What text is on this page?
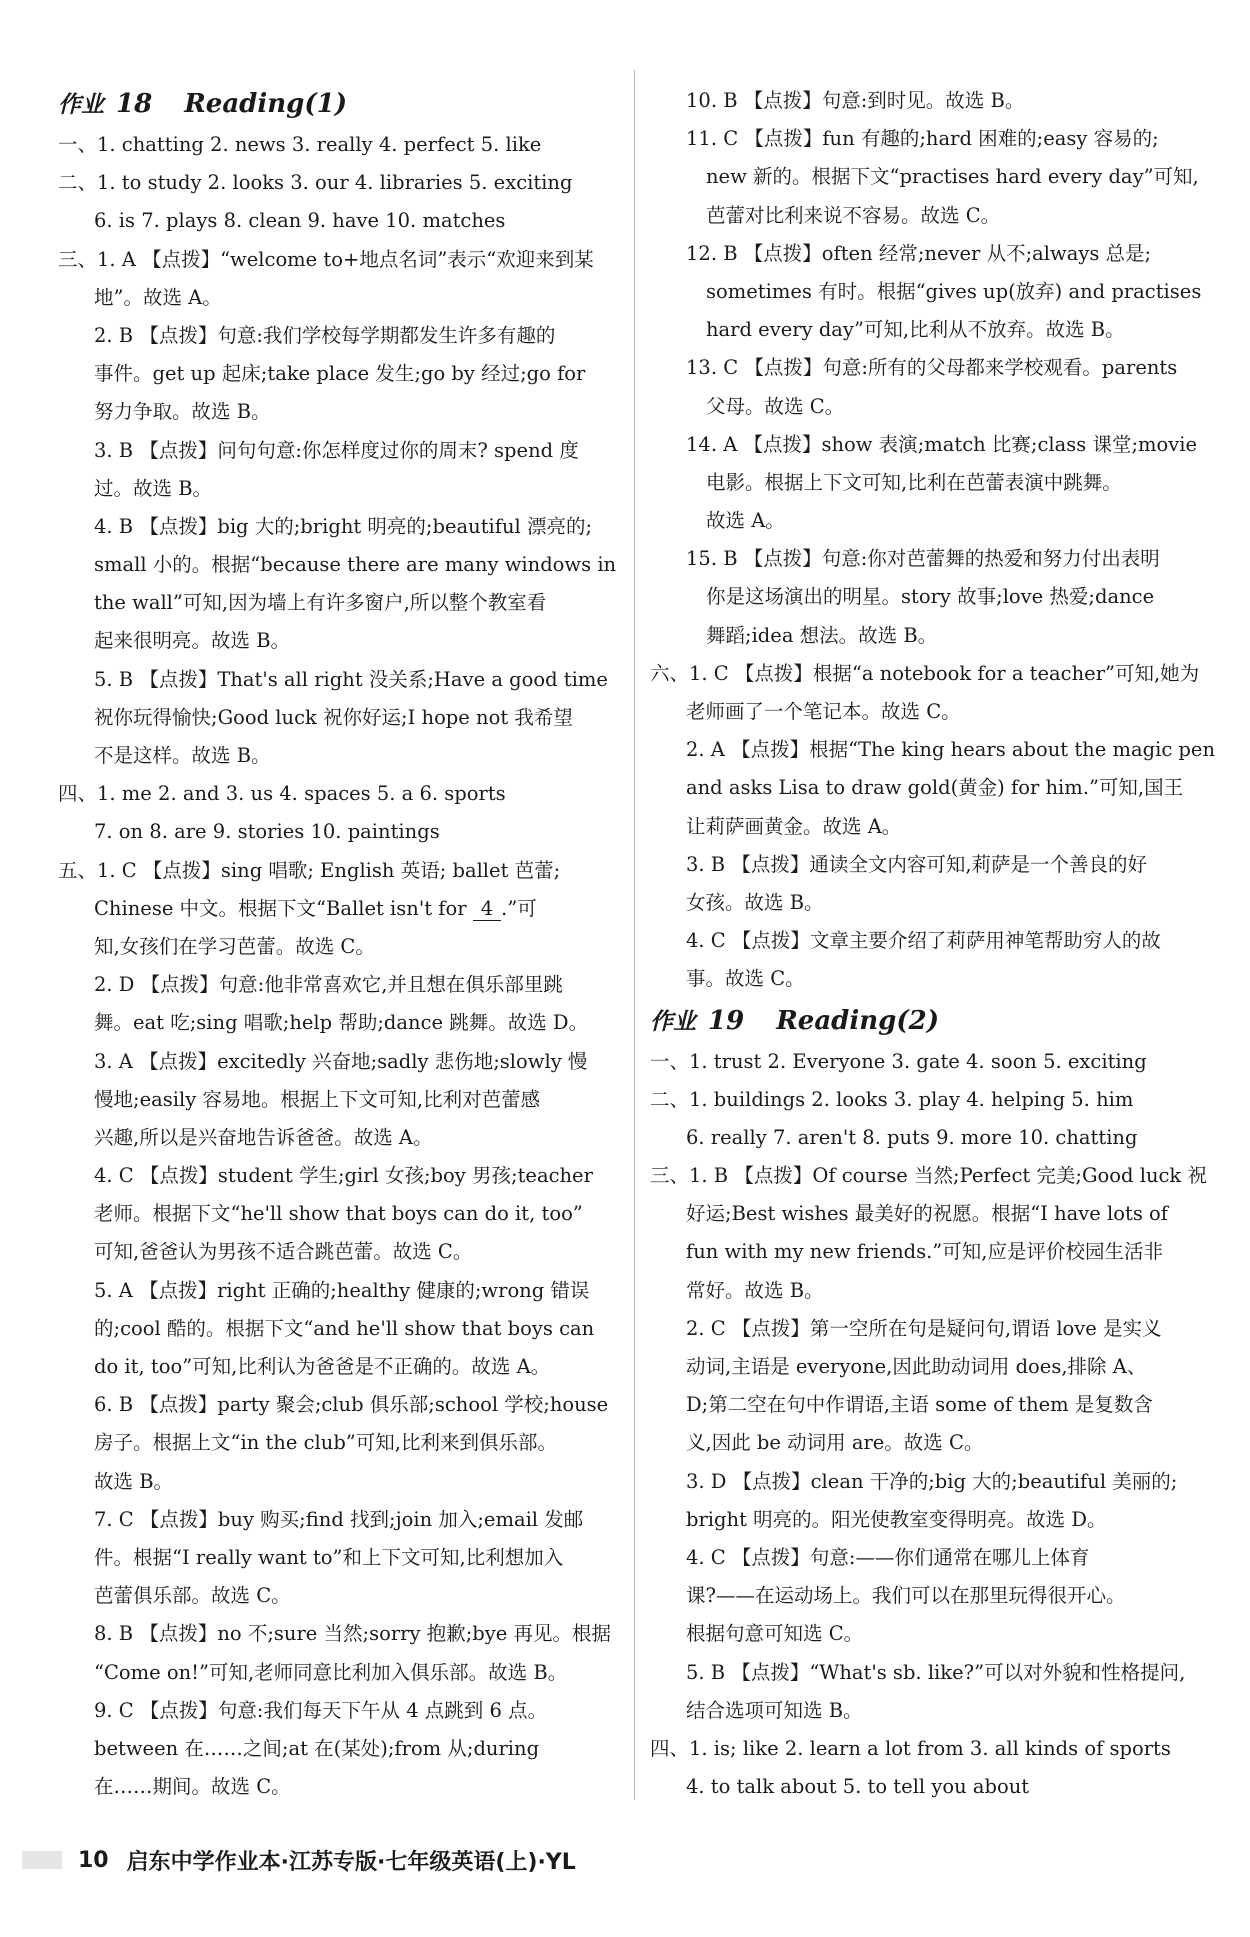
作业 18 Reading(1)
一、1. chatting 2. news 3. really 4. perfect 5. like
二、1. to study 2. looks 3. our 4. libraries 5. exciting
6. is 7. plays 8. clean 9. have 10. matches
三、1. A 【点拨】“welcome to+地点名词”表示“欢迎来到某
地”。故选 A。
2. B 【点拨】句意:我们学校每学期都发生许多有趣的
事件。get up 起床;take place 发生;go by 经过;go for
努力争取。故选 B。
3. B 【点拨】问句句意:你怎样度过你的周末? spend 度
过。故选 B。
4. B 【点拨】big 大的;bright 明亮的;beautiful 漂亮的;
small 小的。根据“because there are many windows in
the wall”可知,因为墙上有许多窗户,所以整个教室看
起来很明亮。故选 B。
5. B 【点拨】That's all right 没关系;Have a good time
祝你玩得愉快;Good luck 祝你好运;I hope not 我希望
不是这样。故选 B。
四、1. me 2. and 3. us 4. spaces 5. a 6. sports
7. on 8. are 9. stories 10. paintings
五、1. C 【点拨】sing 唱歌; English 英语; ballet 芭蕾;
Chinese 中文。根据下文“Ballet isn't for 4 .”可
知,女孩们在学习芭蕾。故选 C。
2. D 【点拨】句意:他非常喜欢它,并且想在俱乐部里跳
舞。eat 吃;sing 唱歌;help 帮助;dance 跳舞。故选 D。
3. A 【点拨】excitedly 兴奋地;sadly 悲伤地;slowly 慢
慢地;easily 容易地。根据上下文可知,比利对芭蕾感
兴趣,所以是兴奋地告诉爸爸。故选 A。
4. C 【点拨】student 学生;girl 女孩;boy 男孩;teacher
老师。根据下文“he'll show that boys can do it, too”
可知,爸爸认为男孩不适合跳芭蕾。故选 C。
5. A 【点拨】right 正确的;healthy 健康的;wrong 错误
的;cool 酷的。根据下文“and he'll show that boys can
do it, too”可知,比利认为爸爸是不正确的。故选 A。
6. B 【点拨】party 聚会;club 俱乐部;school 学校;house
房子。根据上文“in the club”可知,比利来到俱乐部。
故选 B。
7. C 【点拨】buy 购买;find 找到;join 加入;email 发邮
件。根据“I really want to”和上下文可知,比利想加入
芭蕾俱乐部。故选 C。
8. B 【点拨】no 不;sure 当然;sorry 抱歉;bye 再见。根据
“Come on!”可知,老师同意比利加入俱乐部。故选 B。
9. C 【点拨】句意:我们每天下午从 4 点跳到 6 点。
between 在……之间;at 在(某处);from 从;during
在……期间。故选 C。
10. B 【点拨】句意:到时见。故选 B。
11. C 【点拨】fun 有趣的;hard 困难的;easy 容易的;
new 新的。根据下文“practises hard every day”可知,
芭蕾对比利来说不容易。故选 C。
12. B 【点拨】often 经常;never 从不;always 总是;
sometimes 有时。根据“gives up(放弃) and practises
hard every day”可知,比利从不放弃。故选 B。
13. C 【点拨】句意:所有的父母都来学校观看。parents
父母。故选 C。
14. A 【点拨】show 表演;match 比赛;class 课堂;movie
电影。根据上下文可知,比利在芭蕾表演中跳舞。
故选 A。
15. B 【点拨】句意:你对芭蕾舞的热爱和努力付出表明
你是这场演出的明星。story 故事;love 热爱;dance
舞蹈;idea 想法。故选 B。
六、1. C 【点拨】根据“a notebook for a teacher”可知,她为
老师画了一个笔记本。故选 C。
2. A 【点拨】根据“The king hears about the magic pen
and asks Lisa to draw gold(黄金) for him.”可知,国王
让莉萨画黄金。故选 A。
3. B 【点拨】通读全文内容可知,莉萨是一个善良的好
女孩。故选 B。
4. C 【点拨】文章主要介绍了莉萨用神笔帮助穷人的故
事。故选 C。
作业 19 Reading(2)
一、1. trust 2. Everyone 3. gate 4. soon 5. exciting
二、1. buildings 2. looks 3. play 4. helping 5. him
6. really 7. aren't 8. puts 9. more 10. chatting
三、1. B 【点拨】Of course 当然;Perfect 完美;Good luck 祝
好运;Best wishes 最美好的祝愿。根据“I have lots of
fun with my new friends.”可知,应是评价校园生活非
常好。故选 B。
2. C 【点拨】第一空所在句是疑问句,谓语 love 是实义
动词,主语是 everyone,因此助动词用 does,排除 A、
D;第二空在句中作谓语,主语 some of them 是复数含
义,因此 be 动词用 are。故选 C。
3. D 【点拨】clean 干净的;big 大的;beautiful 美丽的;
bright 明亮的。阳光使教室变得明亮。故选 D。
4. C 【点拨】句意:——你们通常在哪儿上体育
课?——在运动场上。我们可以在那里玩得很开心。
根据句意可知选 C。
5. B 【点拨】“What's sb. like?”可以对外貌和性格提问,
结合选项可知选 B。
四、1. is; like 2. learn a lot from 3. all kinds of sports
4. to talk about 5. to tell you about
10 启东中学作业本·江苏专版·七年级英语(上)·YL
